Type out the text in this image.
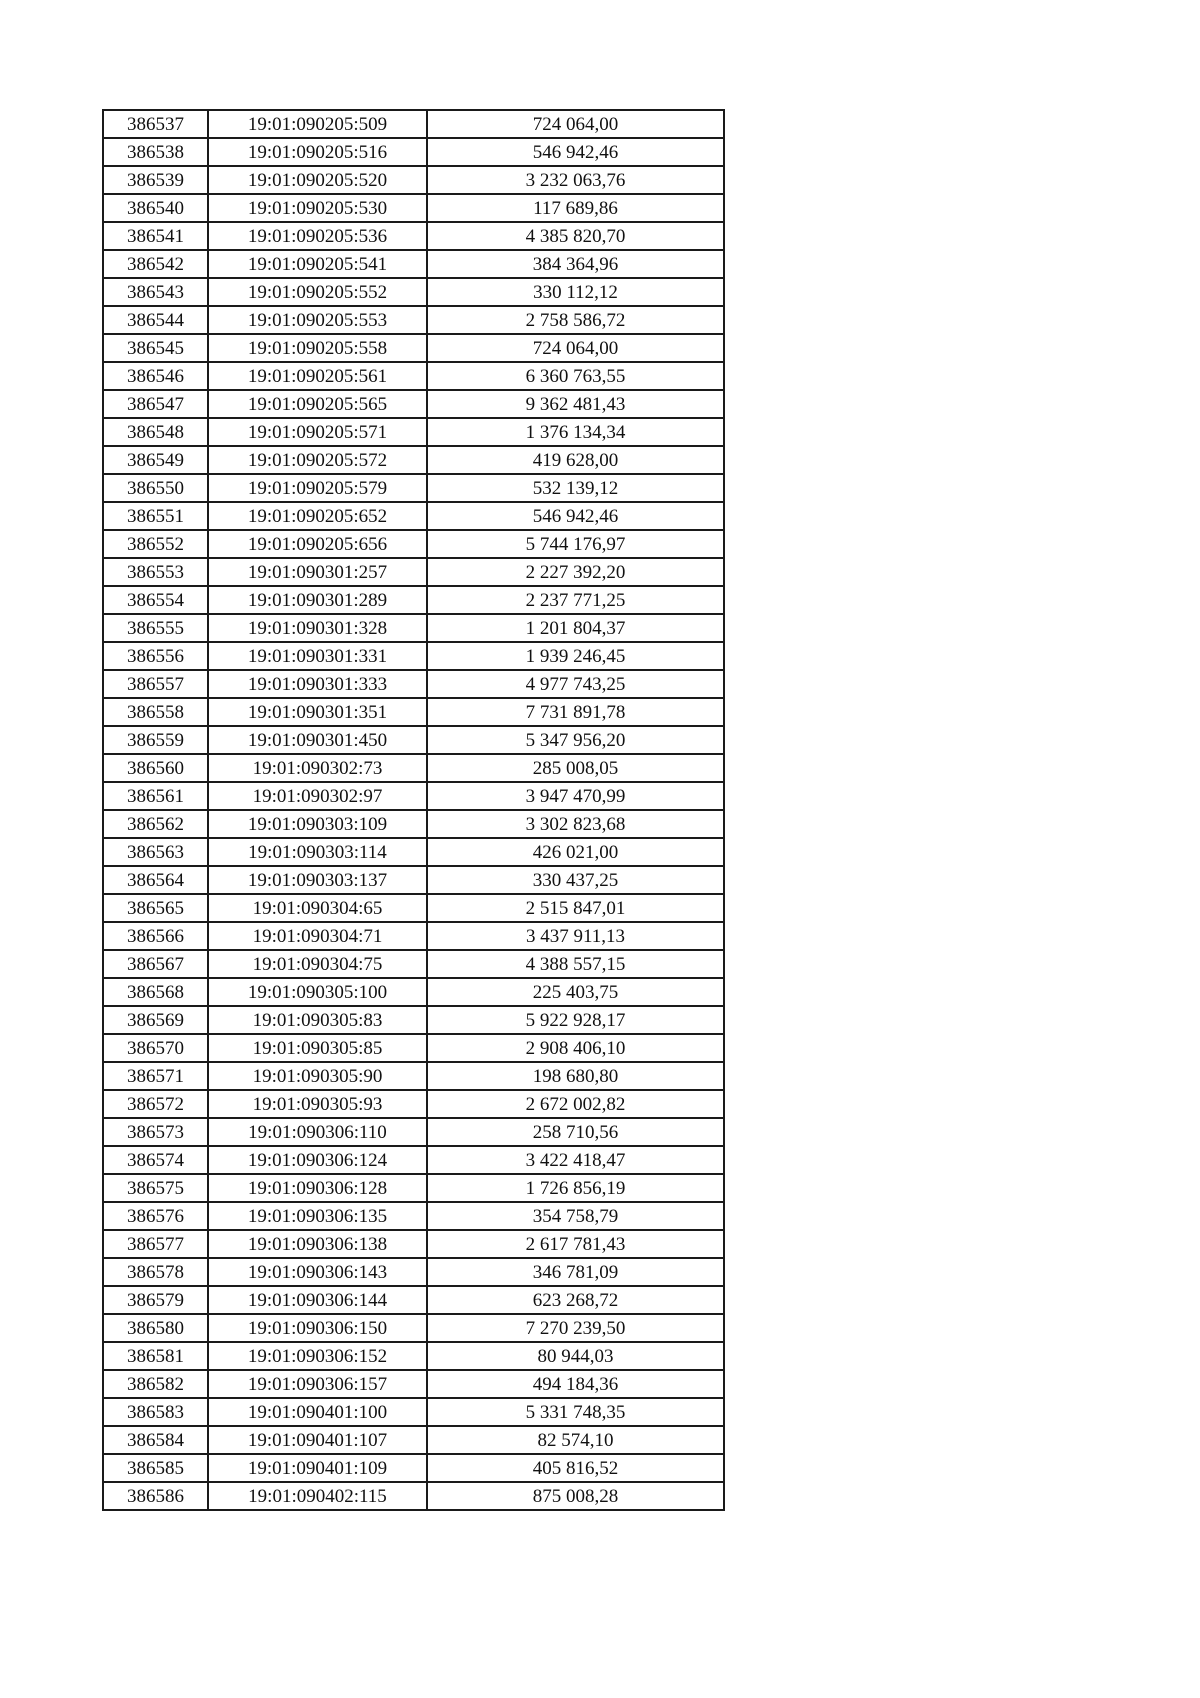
386537	19:01:090205:509	724 064,00
386538	19:01:090205:516	546 942,46
386539	19:01:090205:520	3 232 063,76
386540	19:01:090205:530	117 689,86
386541	19:01:090205:536	4 385 820,70
386542	19:01:090205:541	384 364,96
386543	19:01:090205:552	330 112,12
386544	19:01:090205:553	2 758 586,72
386545	19:01:090205:558	724 064,00
386546	19:01:090205:561	6 360 763,55
386547	19:01:090205:565	9 362 481,43
386548	19:01:090205:571	1 376 134,34
386549	19:01:090205:572	419 628,00
386550	19:01:090205:579	532 139,12
386551	19:01:090205:652	546 942,46
386552	19:01:090205:656	5 744 176,97
386553	19:01:090301:257	2 227 392,20
386554	19:01:090301:289	2 237 771,25
386555	19:01:090301:328	1 201 804,37
386556	19:01:090301:331	1 939 246,45
386557	19:01:090301:333	4 977 743,25
386558	19:01:090301:351	7 731 891,78
386559	19:01:090301:450	5 347 956,20
386560	19:01:090302:73	285 008,05
386561	19:01:090302:97	3 947 470,99
386562	19:01:090303:109	3 302 823,68
386563	19:01:090303:114	426 021,00
386564	19:01:090303:137	330 437,25
386565	19:01:090304:65	2 515 847,01
386566	19:01:090304:71	3 437 911,13
386567	19:01:090304:75	4 388 557,15
386568	19:01:090305:100	225 403,75
386569	19:01:090305:83	5 922 928,17
386570	19:01:090305:85	2 908 406,10
386571	19:01:090305:90	198 680,80
386572	19:01:090305:93	2 672 002,82
386573	19:01:090306:110	258 710,56
386574	19:01:090306:124	3 422 418,47
386575	19:01:090306:128	1 726 856,19
386576	19:01:090306:135	354 758,79
386577	19:01:090306:138	2 617 781,43
386578	19:01:090306:143	346 781,09
386579	19:01:090306:144	623 268,72
386580	19:01:090306:150	7 270 239,50
386581	19:01:090306:152	80 944,03
386582	19:01:090306:157	494 184,36
386583	19:01:090401:100	5 331 748,35
386584	19:01:090401:107	82 574,10
386585	19:01:090401:109	405 816,52
386586	19:01:090402:115	875 008,28
